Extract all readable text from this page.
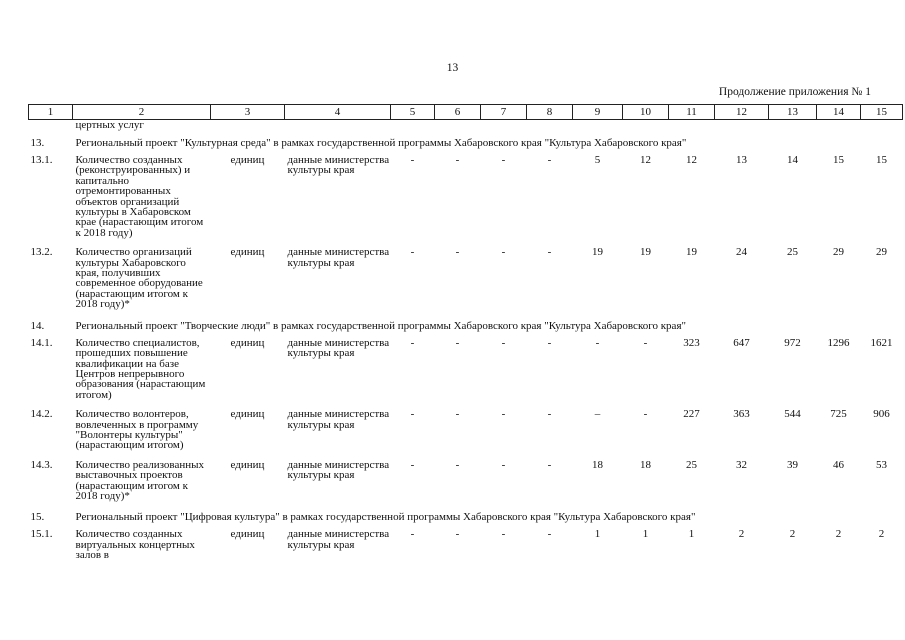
13
Продолжение приложения № 1
1	2	3	4	5	6	7	8	9	10	11	12	13	14	15
	цертных услуг													
13.	Региональный проект "Культурная среда" в рамках государственной программы Хабаровского края "Культура Хабаровского края"													
13.1.	Количество созданных (реконструированных) и капитально отремонтированных объектов организаций культуры в Хабаровском крае (нарастающим итогом к 2018 году)	единиц	данные министерства культуры края	-	-	-	-	5	12	12	13	14	15	15
13.2.	Количество организаций культуры Хабаровского края, получивших современное оборудование (нарастающим итогом к 2018 году)*	единиц	данные министерства культуры края	-	-	-	-	19	19	19	24	25	29	29
14.	Региональный проект "Творческие люди" в рамках государственной программы Хабаровского края "Культура Хабаровского края"													
14.1.	Количество специалистов, прошедших повышение квалификации на базе Центров непрерывного образования (нарастающим итогом)	единиц	данные министерства культуры края	-	-	-	-	-	-	323	647	972	1296	1621
14.2.	Количество волонтеров, вовлеченных в программу "Волонтеры культуры" (нарастающим итогом)	единиц	данные министерства культуры края	-	-	-	-	–	-	227	363	544	725	906
14.3.	Количество реализованных выставочных проектов (нарастающим итогом к 2018 году)*	единиц	данные министерства культуры края	-	-	-	-	18	18	25	32	39	46	53
15.	Региональный проект "Цифровая культура" в рамках государственной программы Хабаровского края "Культура Хабаровского края"													
15.1.	Количество созданных виртуальных концертных залов в	единиц	данные министерства культуры края	-	-	-	-	1	1	1	2	2	2	2
